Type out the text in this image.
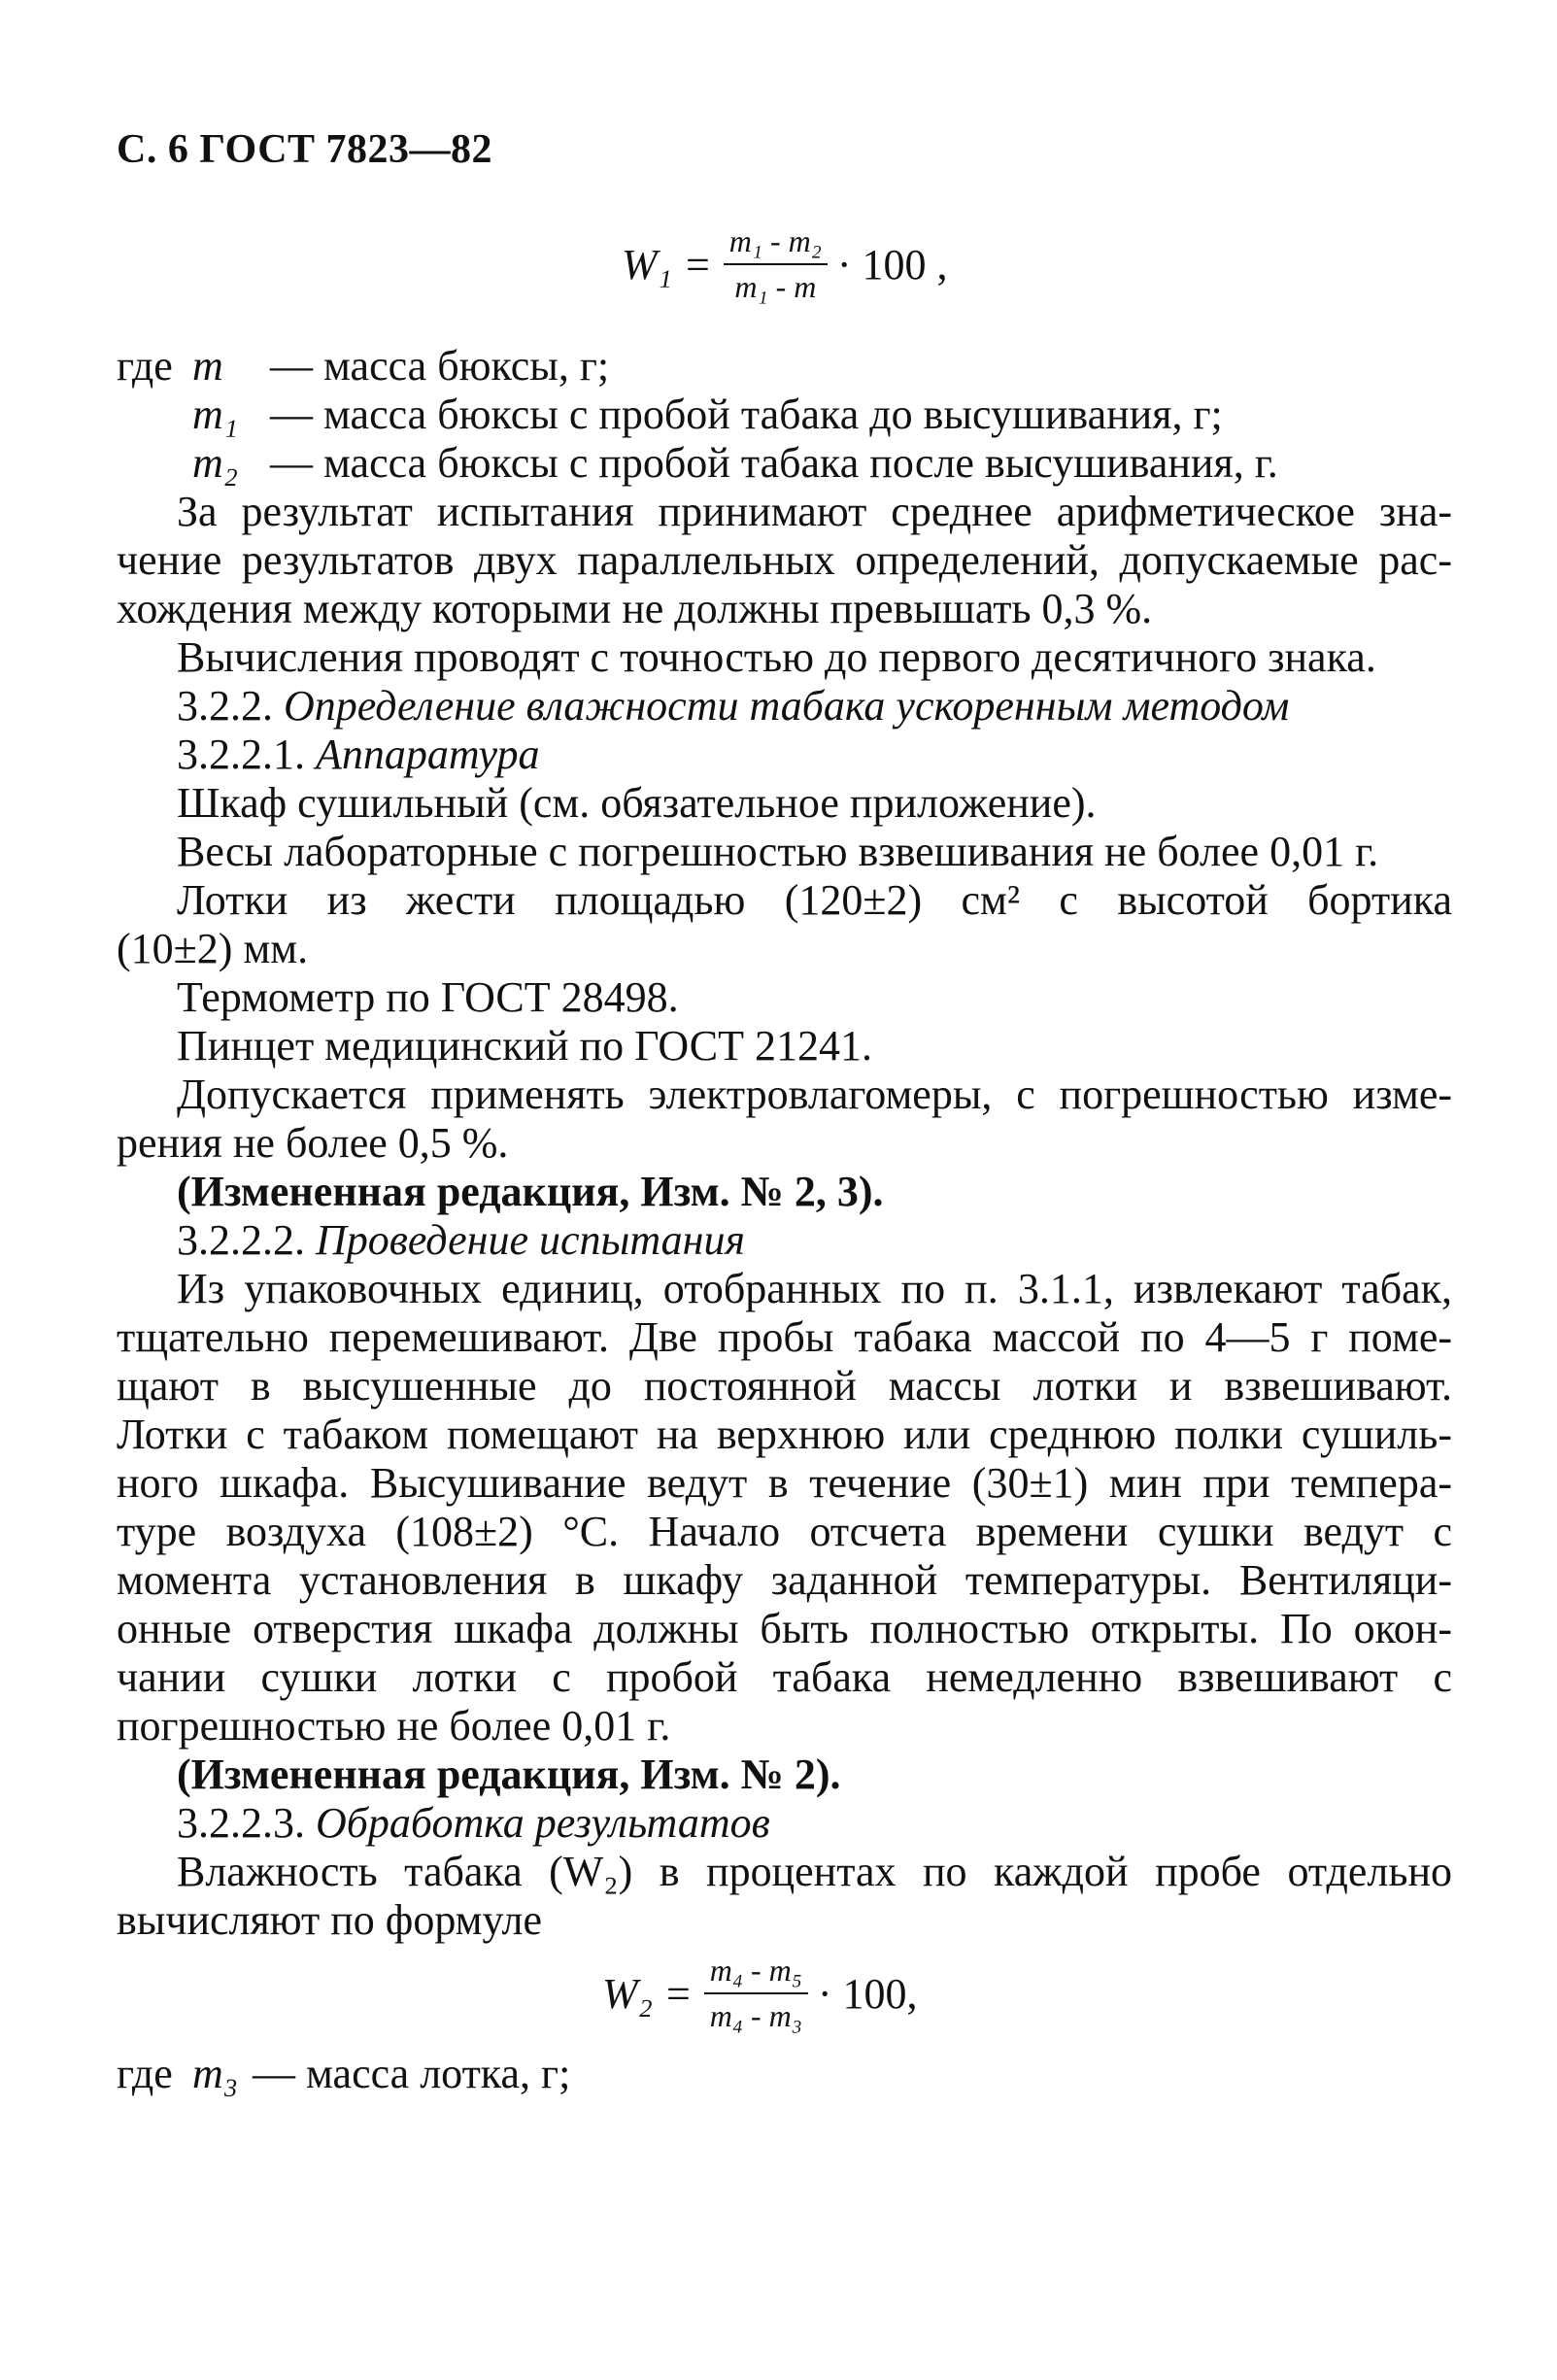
С. 6 ГОСТ 7823—82
$W_1 = \frac{\text{m₁ - m₂}}{\text{m₁ - m}} \cdot 100$ ,
где m	— масса бюксы, г;
m₁ — масса бюксы с пробой табака до высушивания, г;
m₂ — масса бюксы с пробой табака после высушивания, г.
За результат испытания принимают среднее арифметическое зна-
чение результатов двух параллельных определений, допускаемые рас-
хождения между которыми не должны превышать 0,3 %.
Вычисления проводят с точностью до первого десятичного знака.
3.2.2. Определение влажности табака ускоренным методом
3.2.2.1. Аппаратура
Шкаф сушильный (см. обязательное приложение).
Весы лабораторные с погрешностью взвешивания не более 0,01 г.
Лотки из жести площадью (120±2) см² с высотой бортика
(10±2) мм.
Термометр по ГОСТ 28498.
Пинцет медицинский по ГОСТ 21241.
Допускается применять электровлагомеры, с погрешностью изме-
рения не более 0,5 %.
(Измененная редакция, Изм. № 2, 3).
3.2.2.2. Проведение испытания
Из упаковочных единиц, отобранных по п. 3.1.1, извлекают табак,
тщательно перемешивают. Две пробы табака массой по 4—5 г поме-
щают в высушенные до постоянной массы лотки и взвешивают.
Лотки с табаком помещают на верхнюю или среднюю полки сушиль-
ного шкафа. Высушивание ведут в течение (30±1) мин при темпера-
туре воздуха (108±2) °С. Начало отсчета времени сушки ведут с
момента установления в шкафу заданной температуры. Вентиляци-
онные отверстия шкафа должны быть полностью открыты. По окон-
чании сушки лотки с пробой табака немедленно взвешивают с
погрешностью не более 0,01 г.
(Измененная редакция, Изм. № 2).
3.2.2.3. Обработка результатов
Влажность табака (W₂) в процентах по каждой пробе отдельно
вычисляют по формуле
$W_2 = \frac{\text{m₄ - m₅}}{\text{m₄ - m₃}} \cdot 100$,
где m₃ — масса лотка, г;
